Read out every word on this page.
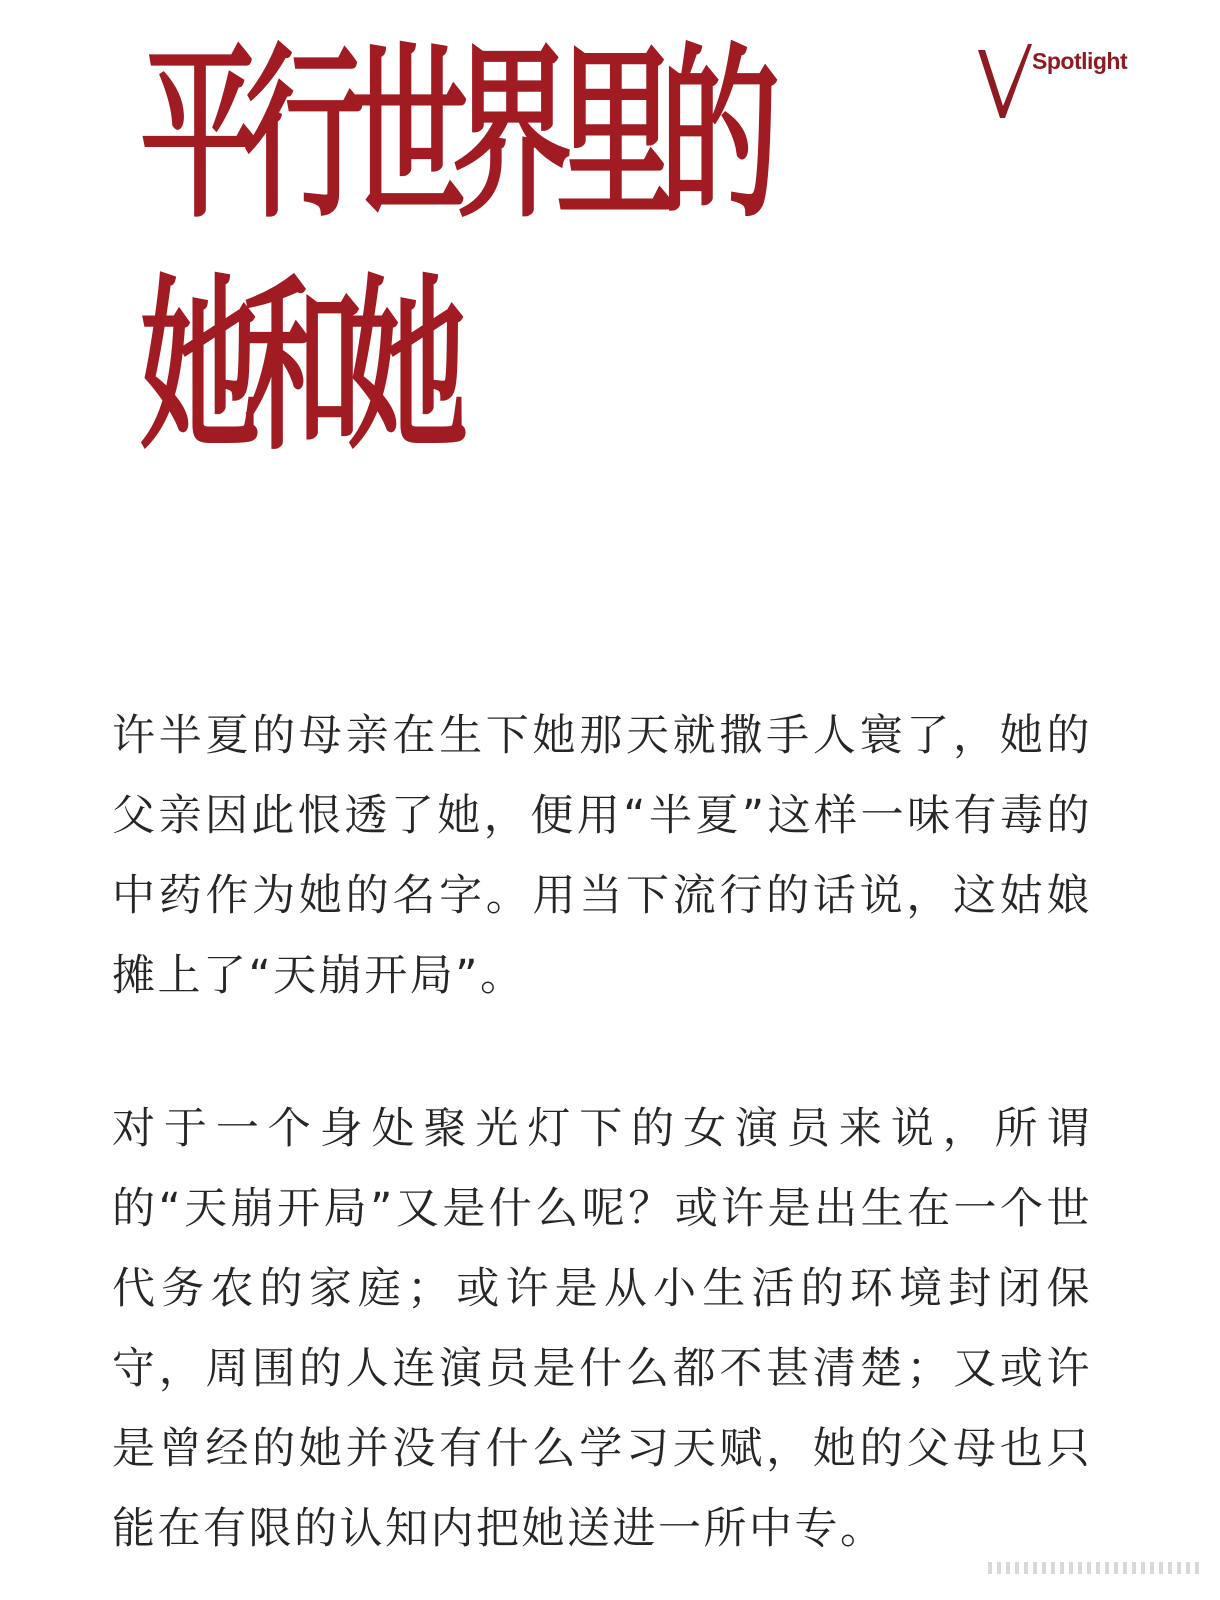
Spotlight
平行世界里的
她和她

许半夏的母亲在生下她那天就撒手人寰了，她的父亲因此恨透了她，便用“半夏”这样一味有毒的中药作为她的名字。用当下流行的话说，这姑娘摊上了“天崩开局”。

对于一个身处聚光灯下的女演员来说，所谓的“天崩开局”又是什么呢？或许是出生在一个世代务农的家庭；或许是从小生活的环境封闭保守，周围的人连演员是什么都不甚清楚；又或许是曾经的她并没有什么学习天赋，她的父母也只能在有限的认知内把她送进一所中专。
